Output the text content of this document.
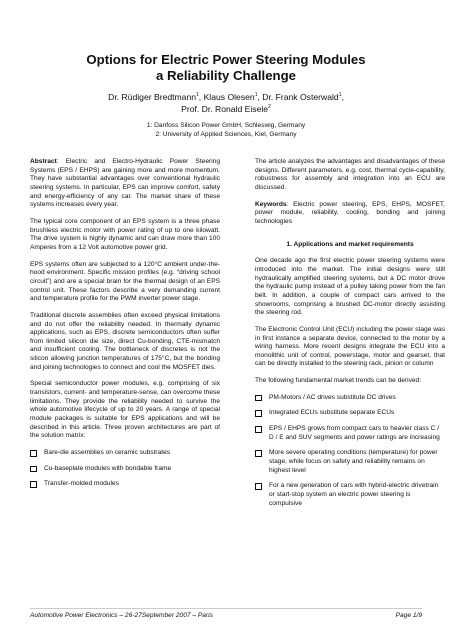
Options for Electric Power Steering Modules
a Reliability Challenge
Dr. Rüdiger Bredtmann$^1$, Klaus Olesen$^1$, Dr. Frank Osterwald$^1$,
Prof. Dr. Ronald Eisele$^2$
1: Danfoss Silicon Power GmbH, Schleswig, Germany
2: University of Applied Sciences, Kiel, Germany

Abstract: Electric and Electro-Hydraulic Power Steering Systems (EPS / EHPS) are gaining more and more momentum. They have substantial advantages over conventional hydraulic steering systems. In particular, EPS can improve comfort, safety and energy-efficiency of any car. The market share of these systems increases every year.

The typical core component of an EPS system is a three phase brushless electric motor with power rating of up to one kilowatt. The drive system is highly dynamic and can draw more than 100 Amperes from a 12 Volt automotive power grid.

EPS systems often are subjected to a 120°C ambient under-the-hood environment. Specific mission profiles (e.g. “driving school circuit”) and are a special brain for the thermal design of an EPS control unit. These factors describe a very demanding current and temperature profile for the PWM inverter power stage.

Traditional discrete assemblies often exceed physical limitations and do not offer the reliability needed. In thermally dynamic applications, such as EPS, discrete semiconductors often suffer from limited silicon die size, direct Cu-bonding, CTE-mismatch and insufficient cooling. The bottleneck of discretes is not the silicon allowing junction temperatures of 175°C, but the bonding and joining technologies to connect and cool the MOSFET dies.

Special semiconductor power modules, e.g. comprising of six transistors, current- and temperature-sense, can overcome these limitations. They provide the reliability needed to survive the whole automotive lifecycle of up to 20 years. A range of special module packages is suitable for EPS applications and will be described in this article. Three proven architectures are part of the solution matrix:

Bare-die assemblies on ceramic substrates
Cu-baseplate modules with bondable frame
Transfer-molded modules

The article analyzes the advantages and disadvantages of these designs. Different parameters, e.g. cost, thermal cycle-capability, robustness for assembly and integration into an ECU are discussed.

Keywords: Electric power steering, EPS, EHPS, MOSFET, power module, reliability, cooling, bonding and joining technologies

1. Applications and market requirements

One decade ago the first electric power steering systems were introduced into the market. The initial designs were still hydraulically amplified steering systems, but a DC motor drove the hydraulic pump instead of a pulley taking power from the fan belt. In addition, a couple of compact cars arrived to the showrooms, comprising a brushed DC-motor directly assisting the steering rod.

The Electronic Control Unit (ECU) including the power stage was in first instance a separate device, connected to the motor by a wiring harness. More recent designs integrate the ECU into a monolithic unit of control, powerstage, motor and gearset, that can be directly installed to the steering rack, pinion or column

The following fundamental market trends can be derived:

PM-Motors / AC drives substitute DC drives
Integrated ECUs substitute separate ECUs
EPS / EHPS grows from compact cars to heavier class C / D / E and SUV segments and power ratings are increasing
More severe operating conditions (temperature) for power stage, while focus on safety and reliability remains on highest level
For a new generation of cars with hybrid-electric drivetrain or start-stop system an electric power steering is compulsive
Automotive Power Electronics – 26-27September 2007 – Paris	Page 1/9
